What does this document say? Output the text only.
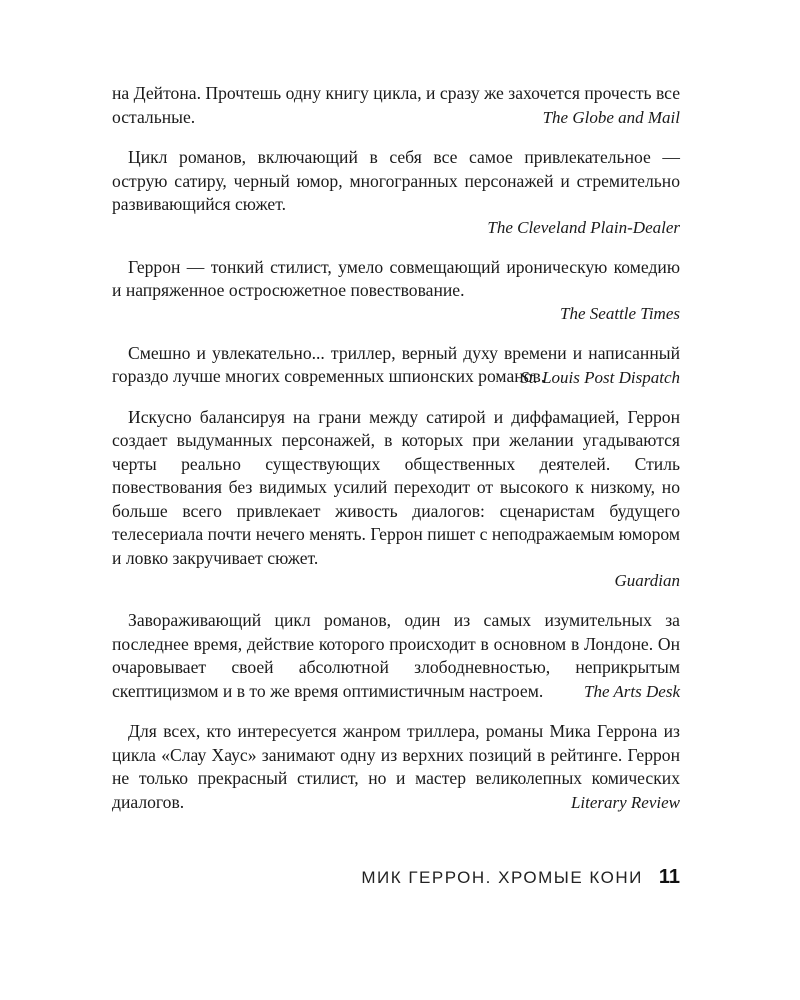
на Дейтона. Прочтешь одну книгу цикла, и сразу же захочется прочесть все остальные.	The Globe and Mail

Цикл романов, включающий в себя все самое привлекательное — острую сатиру, черный юмор, многогранных персонажей и стремительно развивающийся сюжет.

The Cleveland Plain-Dealer

Геррон — тонкий стилист, умело совмещающий ироническую комедию и напряженное остросюжетное повествование.

The Seattle Times

Смешно и увлекательно... триллер, верный духу времени и написанный гораздо лучше многих современных шпионских романов.

St. Louis Post Dispatch

Искусно балансируя на грани между сатирой и диффамацией, Геррон создает выдуманных персонажей, в которых при желании угадываются черты реально существующих общественных деятелей. Стиль повествования без видимых усилий переходит от высокого к низкому, но больше всего привлекает живость диалогов: сценаристам будущего телесериала почти нечего менять. Геррон пишет с неподражаемым юмором и ловко закручивает сюжет.

Guardian

Завораживающий цикл романов, один из самых изумительных за последнее время, действие которого происходит в основном в Лондоне. Он очаровывает своей абсолютной злободневностью, неприкрытым скептицизмом и в то же время оптимистичным настроем.	The Arts Desk

Для всех, кто интересуется жанром триллера, романы Мика Геррона из цикла «Слау Хаус» занимают одну из верхних позиций в рейтинге. Геррон не только прекрасный стилист, но и мастер великолепных комических диалогов.	Literary Review

МИК ГЕРРОН. ХРОМЫЕ КОНИ 11
